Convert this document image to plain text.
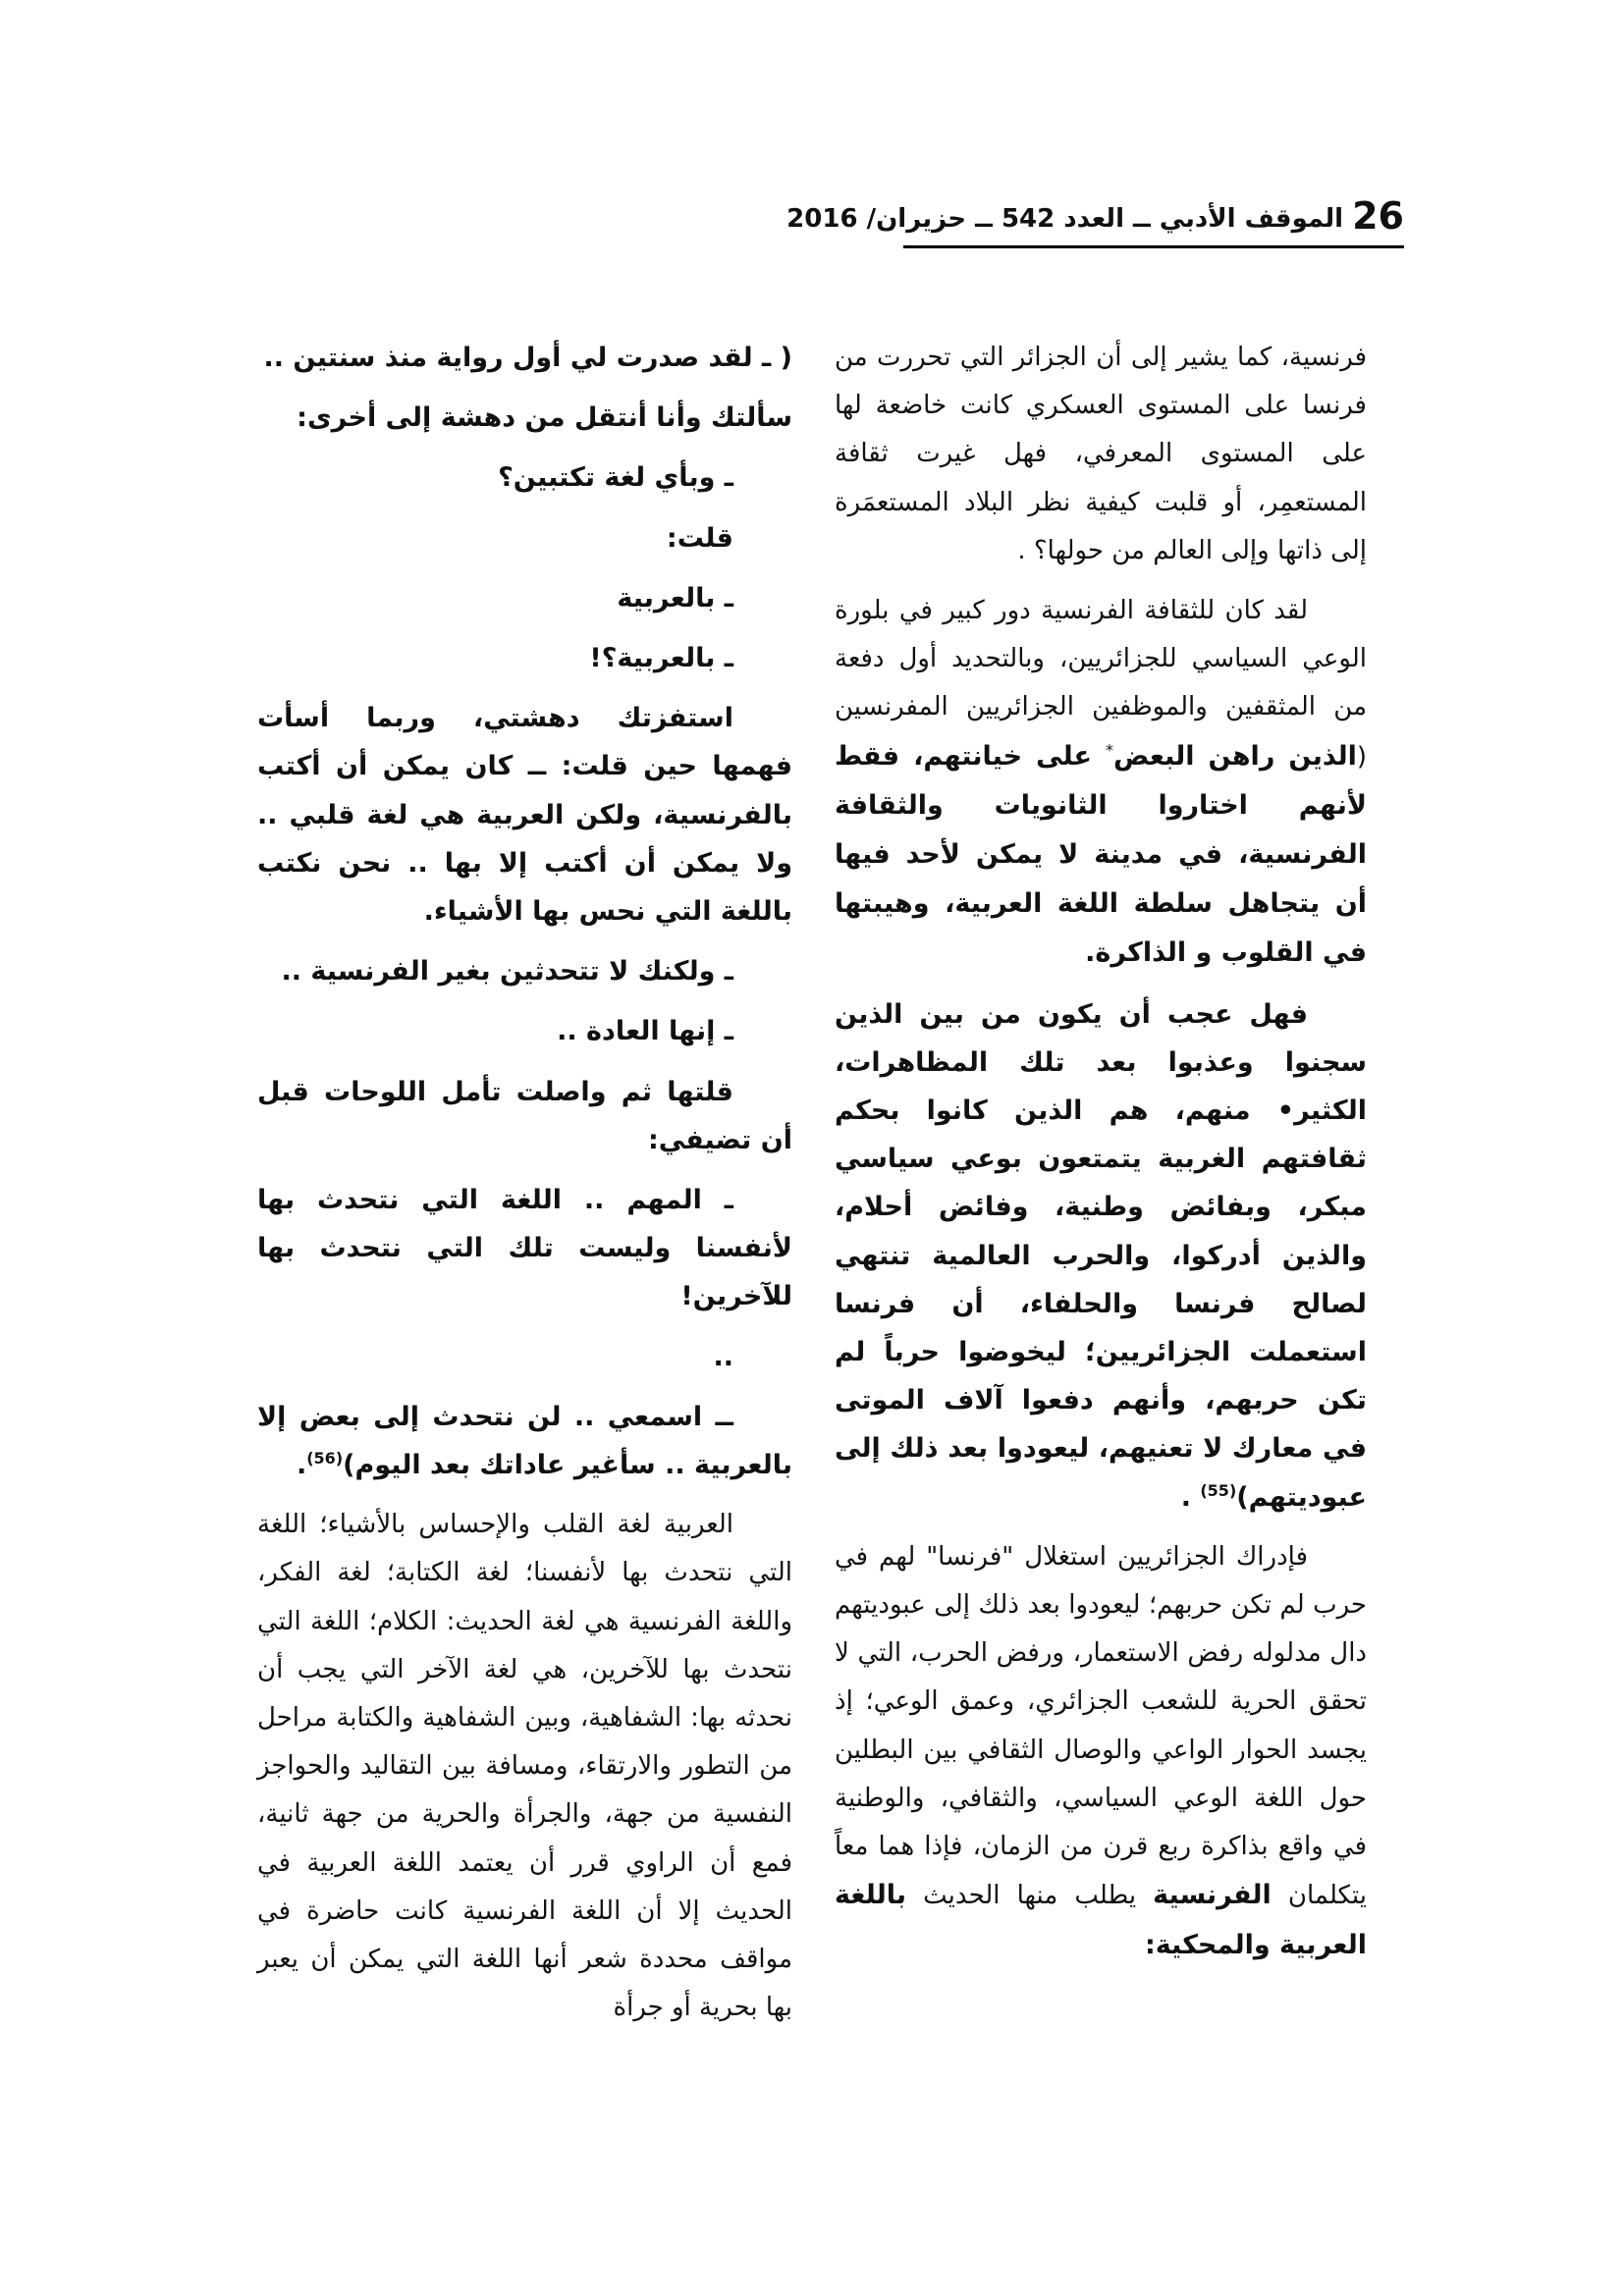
26
الموقف الأدبي ــ العدد 542 ــ حزيران/ 2016

فرنسية، كما يشير إلى أن الجزائر التي تحررت من فرنسا على المستوى العسكري كانت خاضعة لها على المستوى المعرفي، فهل غيرت ثقافة المستعمِر، أو قلبت كيفية نظر البلاد المستعمَرة إلى ذاتها وإلى العالم من حولها؟ .

لقد كان للثقافة الفرنسية دور كبير في بلورة الوعي السياسي للجزائريين، وبالتحديد أول دفعة من المثقفين والموظفين الجزائريين المفرنسين (الذين راهن البعض* على خيانتهم، فقط لأنهم اختاروا الثانويات والثقافة الفرنسية، في مدينة لا يمكن لأحد فيها أن يتجاهل سلطة اللغة العربية، وهيبتها في القلوب و الذاكرة.

فهل عجب أن يكون من بين الذين سجنوا وعذبوا بعد تلك المظاهرات، الكثير• منهم، هم الذين كانوا بحكم ثقافتهم الغربية يتمتعون بوعي سياسي مبكر، وبفائض وطنية، وفائض أحلام، والذين أدركوا، والحرب العالمية تنتهي لصالح فرنسا والحلفاء، أن فرنسا استعملت الجزائريين؛ ليخوضوا حرباً لم تكن حربهم، وأنهم دفعوا آلاف الموتى في معارك لا تعنيهم، ليعودوا بعد ذلك إلى عبوديتهم)$^{(55)}$ .

فإدراك الجزائريين استغلال "فرنسا" لهم في حرب لم تكن حربهم؛ ليعودوا بعد ذلك إلى عبوديتهم دال مدلوله رفض الاستعمار، ورفض الحرب، التي لا تحقق الحرية للشعب الجزائري، وعمق الوعي؛ إذ يجسد الحوار الواعي والوصال الثقافي بين البطلين حول اللغة الوعي السياسي، والثقافي، والوطنية في واقع بذاكرة ربع قرن من الزمان، فإذا هما معاً يتكلمان الفرنسية يطلب منها الحديث باللغة العربية والمحكية:

( ـ لقد صدرت لي أول رواية منذ سنتين ..

سألتك وأنا أنتقل من دهشة إلى أخرى:

ـ وبأي لغة تكتبين؟

قلت:

ـ بالعربية

ـ بالعربية؟!

استفزتك دهشتي، وربما أسأت فهمها حين قلت: ــ كان يمكن أن أكتب بالفرنسية، ولكن العربية هي لغة قلبي .. ولا يمكن أن أكتب إلا بها .. نحن نكتب باللغة التي نحس بها الأشياء.

ـ ولكنك لا تتحدثين بغير الفرنسية ..

ـ إنها العادة ..

قلتها ثم واصلت تأمل اللوحات قبل أن تضيفي:

ـ المهم .. اللغة التي نتحدث بها لأنفسنا وليست تلك التي نتحدث بها للآخرين!

..

ــ اسمعي .. لن نتحدث إلى بعض إلا بالعربية .. سأغير عاداتك بعد اليوم)$^{(56)}$.

العربية لغة القلب والإحساس بالأشياء؛ اللغة التي نتحدث بها لأنفسنا؛ لغة الكتابة؛ لغة الفكر، واللغة الفرنسية هي لغة الحديث: الكلام؛ اللغة التي نتحدث بها للآخرين، هي لغة الآخر التي يجب أن نحدثه بها: الشفاهية، وبين الشفاهية والكتابة مراحل من التطور والارتقاء، ومسافة بين التقاليد والحواجز النفسية من جهة، والجرأة والحرية من جهة ثانية، فمع أن الراوي قرر أن يعتمد اللغة العربية في الحديث إلا أن اللغة الفرنسية كانت حاضرة في مواقف محددة شعر أنها اللغة التي يمكن أن يعبر بها بحرية أو جرأة
